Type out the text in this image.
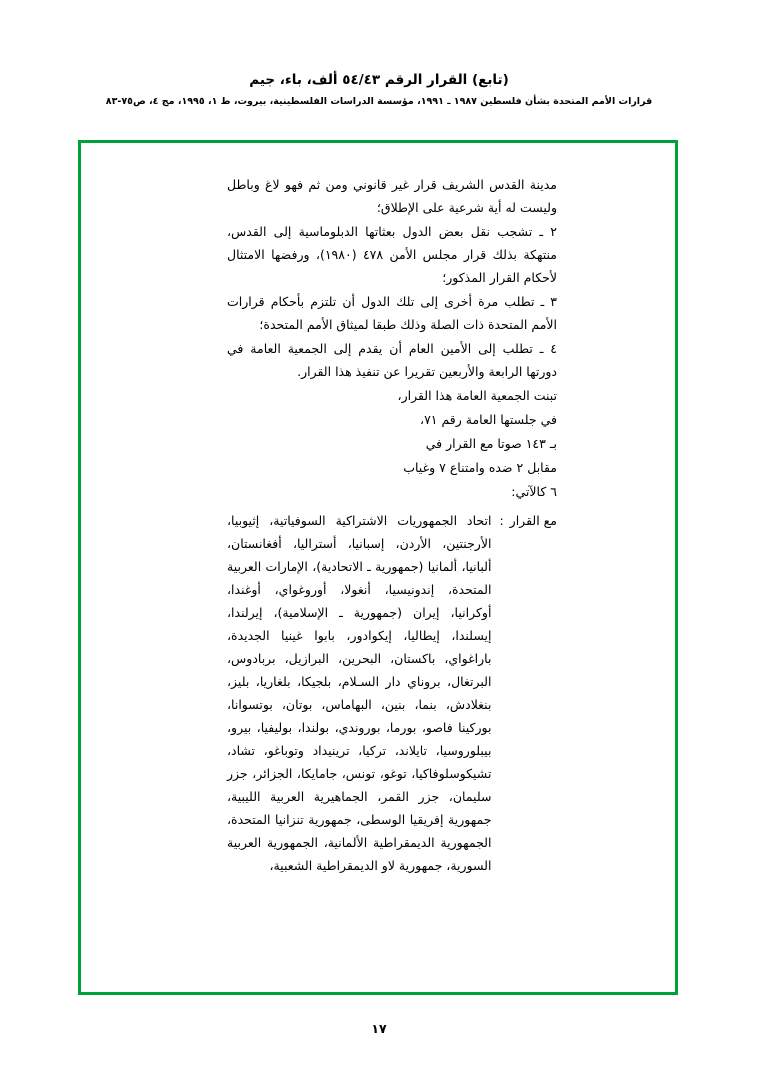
(تابع) القرار الرقم ٥٤/٤٣ ألف، باء، جيم
قرارات الأمم المتحدة بشأن فلسطين ١٩٨٧ ـ ١٩٩١، مؤسسة الدراسات الفلسطينية، بيروت، ط ١، ١٩٩٥، مج ٤، ص٧٥-٨٣

مدينة القدس الشريف قرار غير قانوني ومن ثم فهو لاغ وباطل وليست له أية شرعية على الإطلاق؛

٢ ـ تشجب نقل بعض الدول بعثاتها الدبلوماسية إلى القدس، منتهكة بذلك قرار مجلس الأمن ٤٧٨ (١٩٨٠)، ورفضها الامتثال لأحكام القرار المذكور؛

٣ ـ تطلب مرة أخرى إلى تلك الدول أن تلتزم بأحكام قرارات الأمم المتحدة ذات الصلة وذلك طبقا لميثاق الأمم المتحدة؛

٤ ـ تطلب إلى الأمين العام أن يقدم إلى الجمعية العامة في دورتها الرابعة والأربعين تقريرا عن تنفيذ هذا القرار.

تبنت الجمعية العامة هذا القرار،

في جلستها العامة رقم ٧١،

بـ ١٤٣ صوتا مع القرار في

مقابل ٢ ضده وامتناع ٧ وغياب

٦ كالآتي:

مع القرار
:
اتحاد الجمهوريات الاشتراكية السوفياتية، إثيوبيا، الأرجنتين، الأردن، إسبانيا، أستراليا، أفغانستان، ألبانيا، ألمانيا (جمهورية ـ الاتحادية)، الإمارات العربية المتحدة، إندونيسيا، أنغولا، أوروغواي، أوغندا، أوكرانيا، إيران (جمهورية ـ الإسلامية)، إيرلندا، إيسلندا، إيطاليا، إيكوادور، بابوا غينيا الجديدة، باراغواي، باكستان، البحرين، البرازيل، بربادوس، البرتغال، بروناي دار السـلام، بلجيكا، بلغاريا، بليز، بنغلادش، بنما، بنين، البهاماس، بوتان، بوتسوانا، بوركينا فاصو، بورما، بوروندي، بولندا، بوليفيا، بيرو، بيبلوروسيا، تايلاند، تركيا، ترينيداد وتوباغو، تشاد، تشيكوسلوفاكيا، توغو، تونس، جامايكا، الجزائر، جزر سليمان، جزر القمر، الجماهيرية العربية الليبية، جمهورية إفريقيا الوسطى، جمهورية تنزانيا المتحدة، الجمهورية الديمقراطية الألمانية، الجمهورية العربية السورية، جمهورية لاو الديمقراطية الشعبية،
١٧
